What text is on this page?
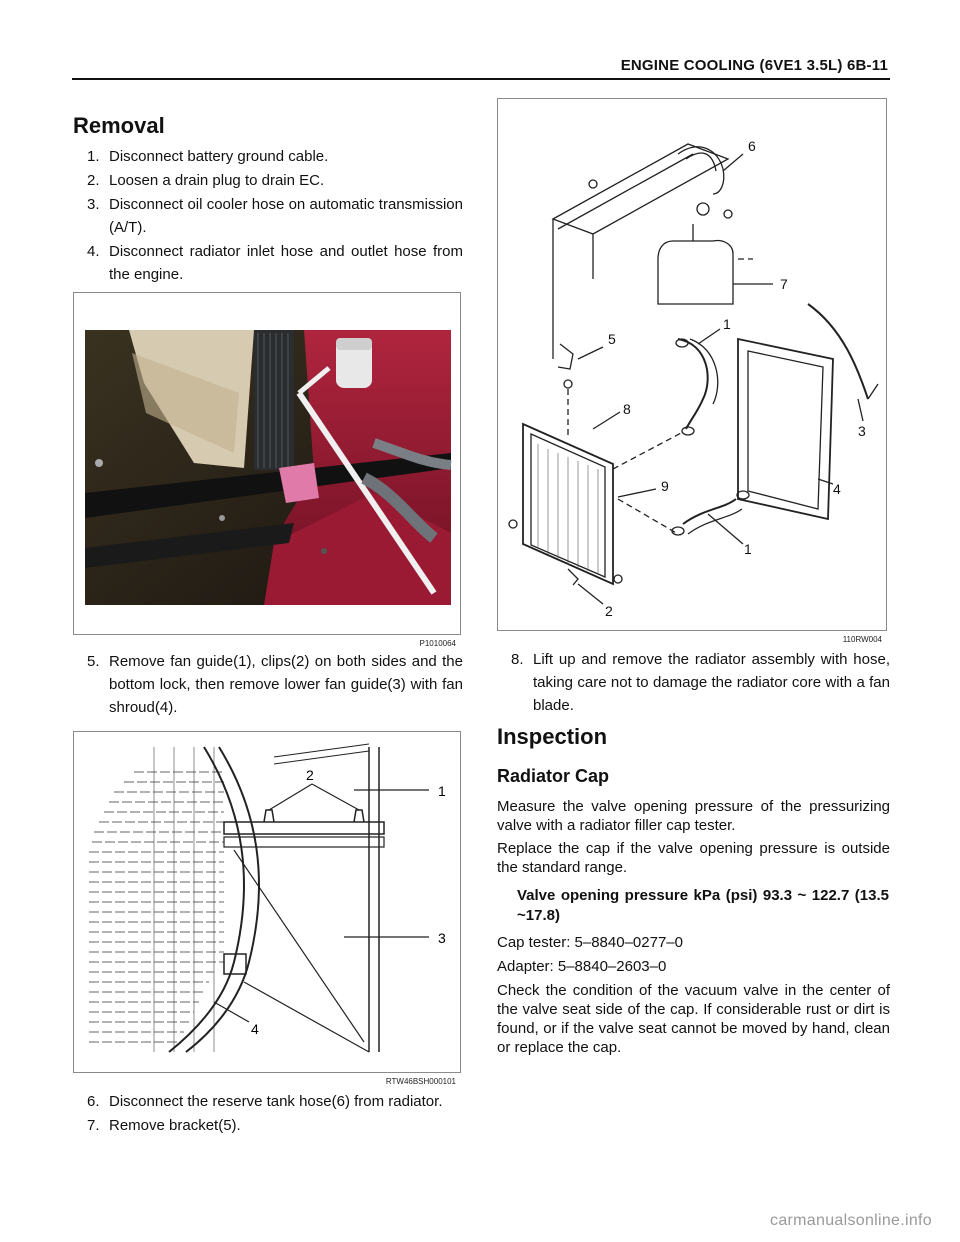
ENGINE COOLING (6VE1 3.5L) 6B-11
Removal
1. Disconnect battery ground cable.
2. Loosen a drain plug to drain EC.
3. Disconnect oil cooler hose on automatic transmission (A/T).
4. Disconnect radiator inlet hose and outlet hose from the engine.
P1010064
5. Remove fan guide(1), clips(2) on both sides and the bottom lock, then remove lower fan guide(3) with fan shroud(4).
2
1
3
4
RTW46BSH000101
6. Disconnect the reserve tank hose(6) from radiator.
7. Remove bracket(5).
6
7
5
1
8
3
9	4
1
2
110RW004
8. Lift up and remove the radiator assembly with hose, taking care not to damage the radiator core with a fan blade.
Inspection
Radiator Cap

Measure the valve opening pressure of the pressurizing valve with a radiator filler cap tester.

Replace the cap if the valve opening pressure is outside the standard range.

Valve opening pressure kPa (psi) 93.3 ~ 122.7 (13.5 ~17.8)

Cap tester: 5–8840–0277–0

Adapter: 5–8840–2603–0

Check the condition of the vacuum valve in the center of the valve seat side of the cap. If considerable rust or dirt is found, or if the valve seat cannot be moved by hand, clean or replace the cap.

carmanualsonline.info
